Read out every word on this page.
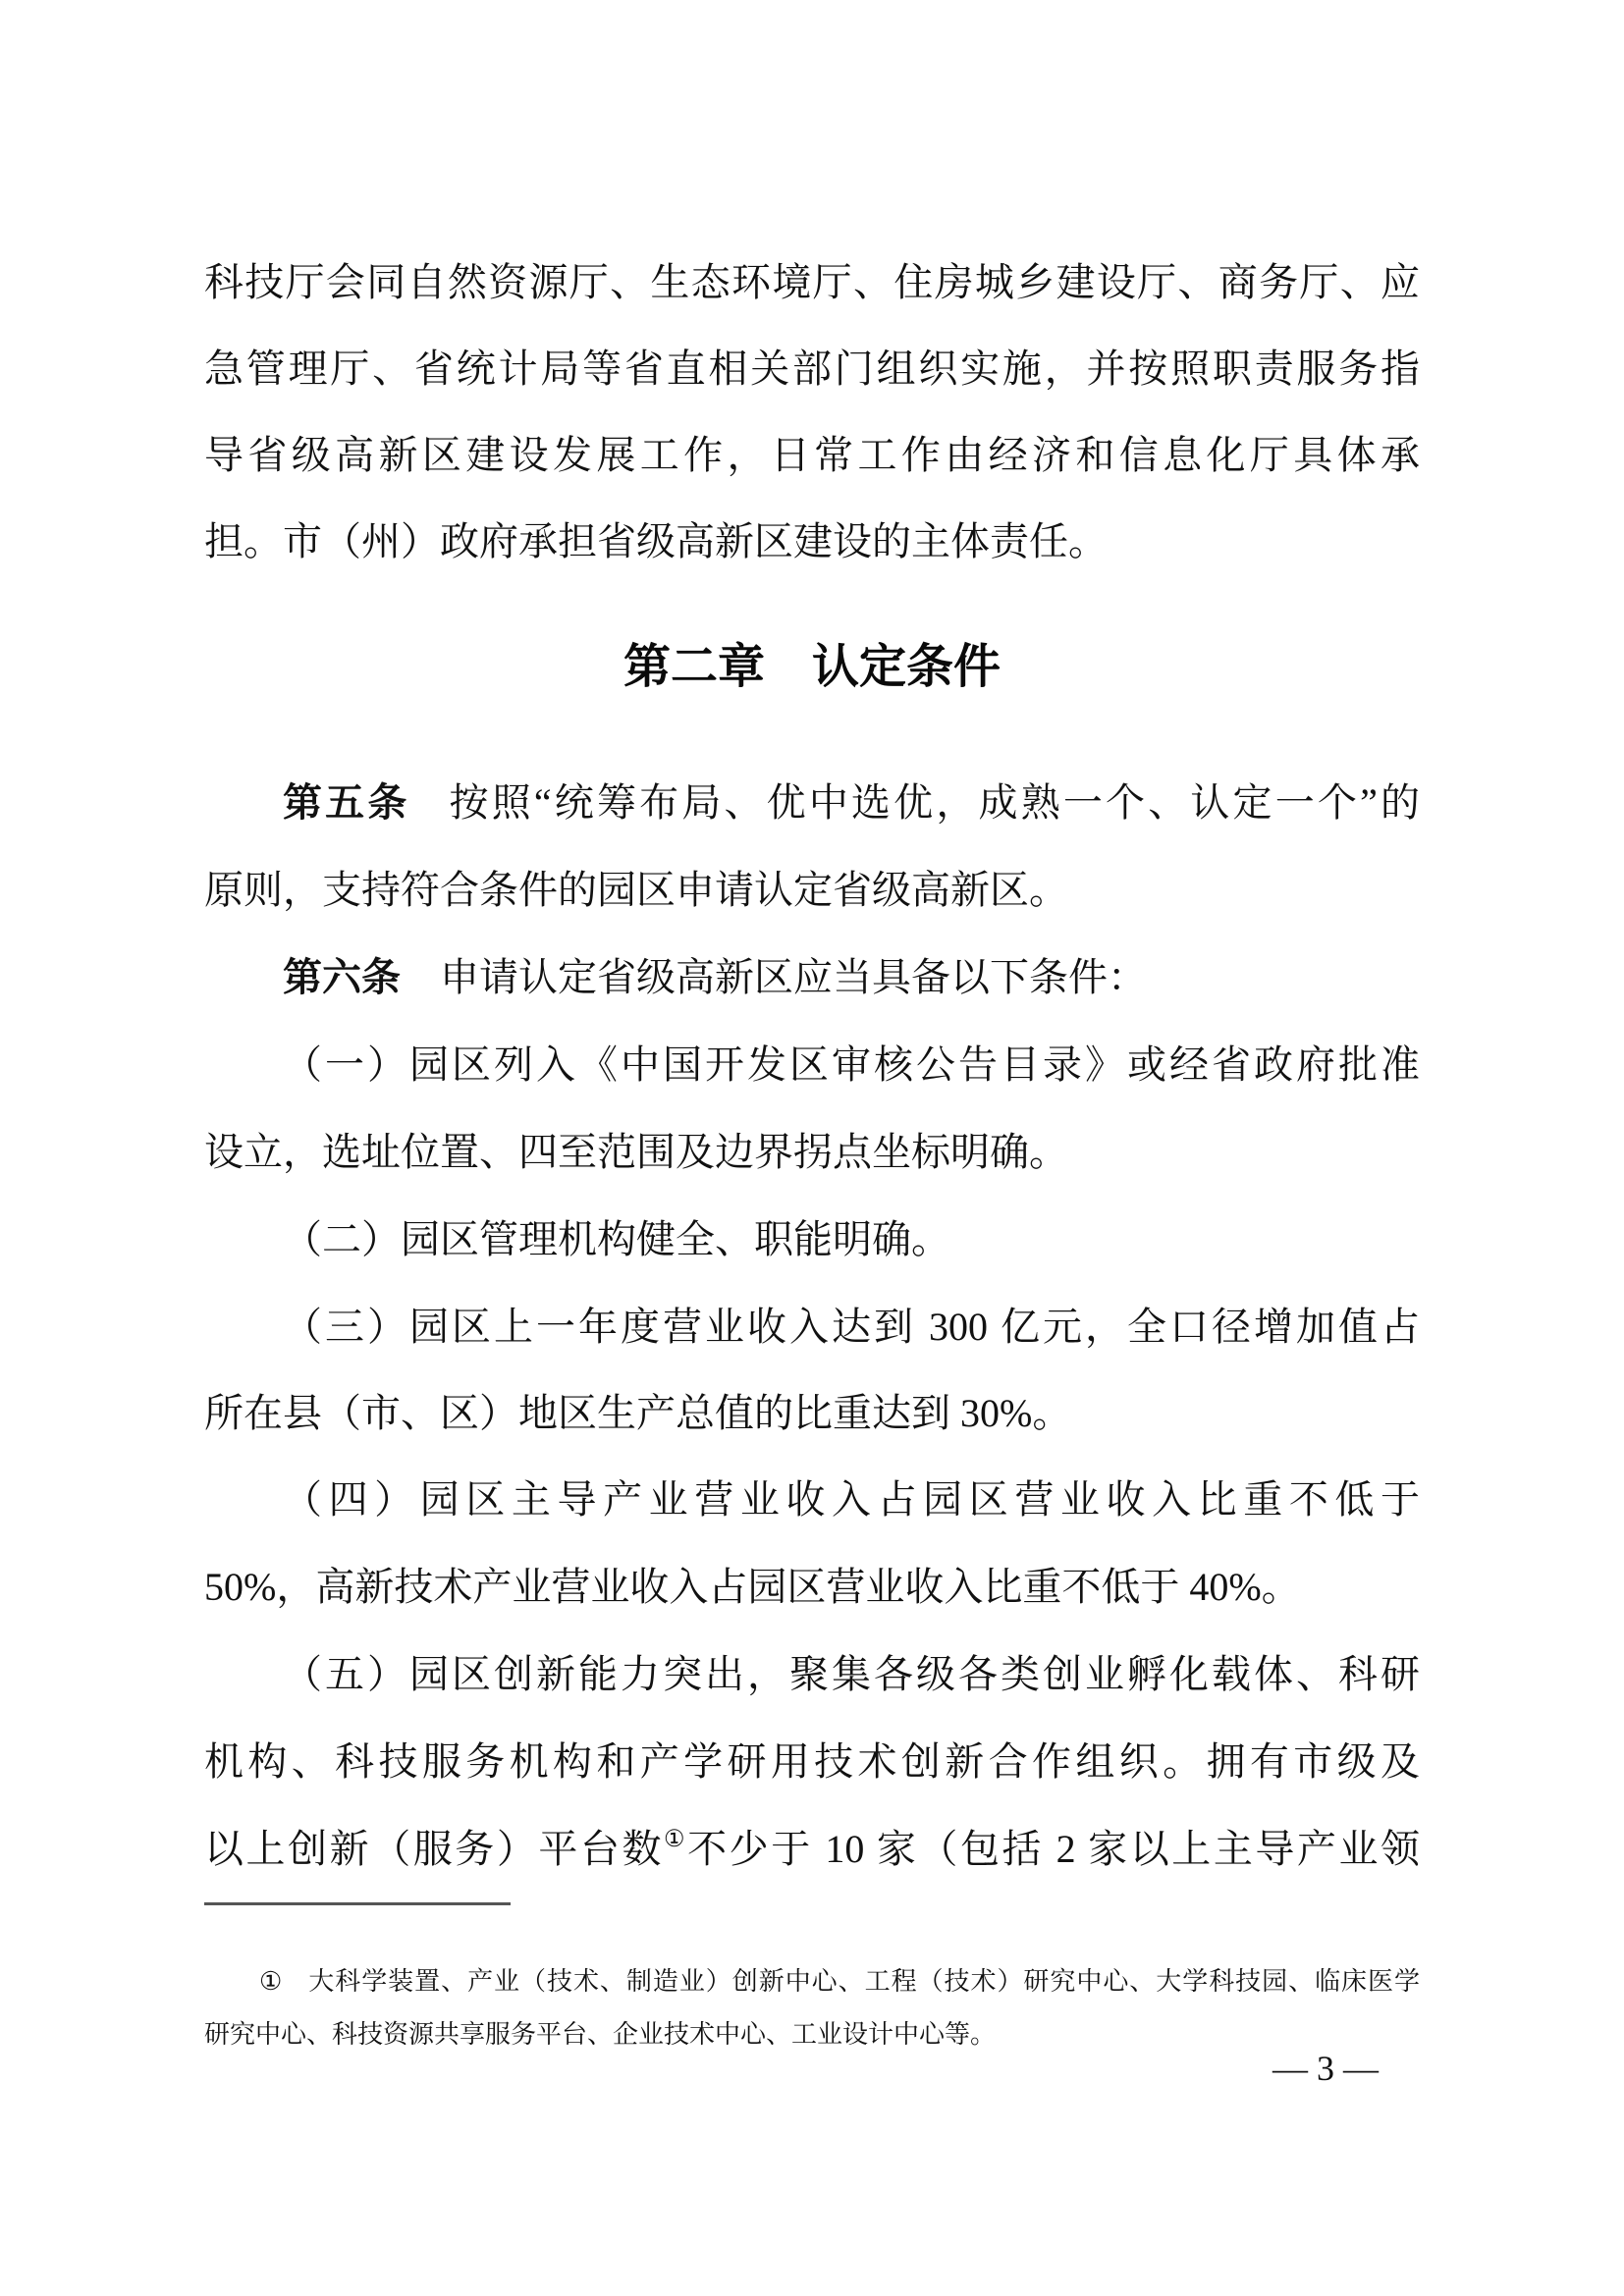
科技厅会同自然资源厅、生态环境厅、住房城乡建设厅、商务厅、应
急管理厅、省统计局等省直相关部门组织实施，并按照职责服务指
导省级高新区建设发展工作，日常工作由经济和信息化厅具体承
担。市（州）政府承担省级高新区建设的主体责任。
第二章　认定条件
第五条 按照“统筹布局、优中选优，成熟一个、认定一个”的
原则，支持符合条件的园区申请认定省级高新区。
第六条 申请认定省级高新区应当具备以下条件：
（一）园区列入《中国开发区审核公告目录》或经省政府批准
设立，选址位置、四至范围及边界拐点坐标明确。
（二）园区管理机构健全、职能明确。
（三）园区上一年度营业收入达到 300 亿元，全口径增加值占
所在县（市、区）地区生产总值的比重达到 30%。
（四）园区主导产业营业收入占园区营业收入比重不低于
50%，高新技术产业营业收入占园区营业收入比重不低于 40%。
（五）园区创新能力突出，聚集各级各类创业孵化载体、科研
机构、科技服务机构和产学研用技术创新合作组织。拥有市级及
以上创新（服务）平台数①不少于 10 家（包括 2 家以上主导产业领
① 大科学装置、产业（技术、制造业）创新中心、工程（技术）研究中心、大学科技园、临床医学
研究中心、科技资源共享服务平台、企业技术中心、工业设计中心等。
— 3 —
